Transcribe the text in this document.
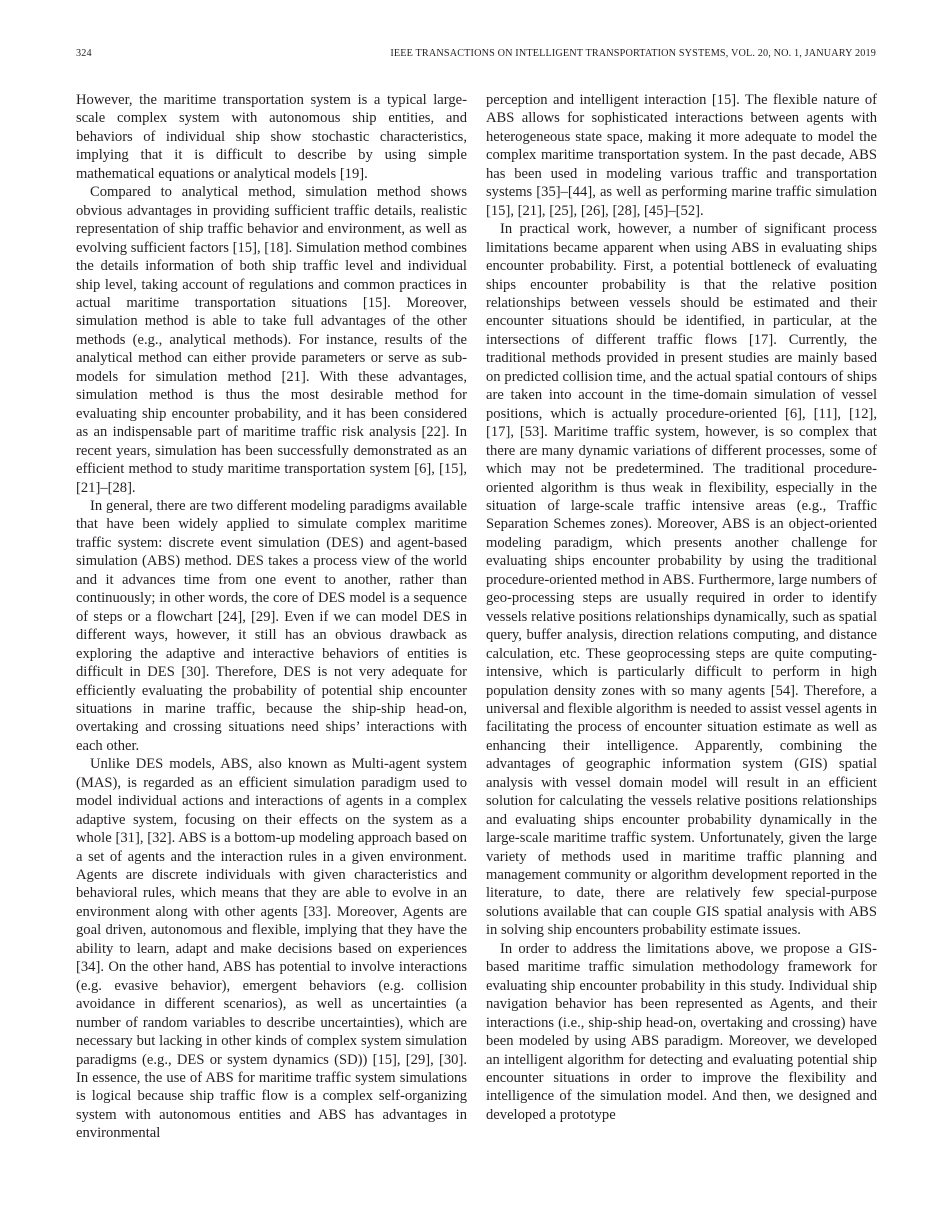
324	IEEE TRANSACTIONS ON INTELLIGENT TRANSPORTATION SYSTEMS, VOL. 20, NO. 1, JANUARY 2019

However, the maritime transportation system is a typical large-scale complex system with autonomous ship entities, and behaviors of individual ship show stochastic characteristics, implying that it is difficult to describe by using simple mathematical equations or analytical models [19].

Compared to analytical method, simulation method shows obvious advantages in providing sufficient traffic details, realistic representation of ship traffic behavior and environment, as well as evolving sufficient factors [15], [18]. Simulation method combines the details information of both ship traffic level and individual ship level, taking account of regulations and common practices in actual maritime transportation situations [15]. Moreover, simulation method is able to take full advantages of the other methods (e.g., analytical methods). For instance, results of the analytical method can either provide parameters or serve as sub-models for simulation method [21]. With these advantages, simulation method is thus the most desirable method for evaluating ship encounter probability, and it has been considered as an indispensable part of maritime traffic risk analysis [22]. In recent years, simulation has been successfully demonstrated as an efficient method to study maritime transportation system [6], [15], [21]–[28].

In general, there are two different modeling paradigms available that have been widely applied to simulate complex maritime traffic system: discrete event simulation (DES) and agent-based simulation (ABS) method. DES takes a process view of the world and it advances time from one event to another, rather than continuously; in other words, the core of DES model is a sequence of steps or a flowchart [24], [29]. Even if we can model DES in different ways, however, it still has an obvious drawback as exploring the adaptive and interactive behaviors of entities is difficult in DES [30]. Therefore, DES is not very adequate for efficiently evaluating the probability of potential ship encounter situations in marine traffic, because the ship-ship head-on, overtaking and crossing situations need ships’ interactions with each other.

Unlike DES models, ABS, also known as Multi-agent system (MAS), is regarded as an efficient simulation paradigm used to model individual actions and interactions of agents in a complex adaptive system, focusing on their effects on the system as a whole [31], [32]. ABS is a bottom-up modeling approach based on a set of agents and the interaction rules in a given environment. Agents are discrete individuals with given characteristics and behavioral rules, which means that they are able to evolve in an environment along with other agents [33]. Moreover, Agents are goal driven, autonomous and flexible, implying that they have the ability to learn, adapt and make decisions based on experiences [34]. On the other hand, ABS has potential to involve interactions (e.g. evasive behavior), emergent behaviors (e.g. collision avoidance in different scenarios), as well as uncertainties (a number of random variables to describe uncertainties), which are necessary but lacking in other kinds of complex system simulation paradigms (e.g., DES or system dynamics (SD)) [15], [29], [30]. In essence, the use of ABS for maritime traffic system simulations is logical because ship traffic flow is a complex self-organizing system with autonomous entities and ABS has advantages in environmental

perception and intelligent interaction [15]. The flexible nature of ABS allows for sophisticated interactions between agents with heterogeneous state space, making it more adequate to model the complex maritime transportation system. In the past decade, ABS has been used in modeling various traffic and transportation systems [35]–[44], as well as performing marine traffic simulation [15], [21], [25], [26], [28], [45]–[52].

In practical work, however, a number of significant process limitations became apparent when using ABS in evaluating ships encounter probability. First, a potential bottleneck of evaluating ships encounter probability is that the relative position relationships between vessels should be estimated and their encounter situations should be identified, in particular, at the intersections of different traffic flows [17]. Currently, the traditional methods provided in present studies are mainly based on predicted collision time, and the actual spatial contours of ships are taken into account in the time-domain simulation of vessel positions, which is actually procedure-oriented [6], [11], [12], [17], [53]. Maritime traffic system, however, is so complex that there are many dynamic variations of different processes, some of which may not be predetermined. The traditional procedure-oriented algorithm is thus weak in flexibility, especially in the situation of large-scale traffic intensive areas (e.g., Traffic Separation Schemes zones). Moreover, ABS is an object-oriented modeling paradigm, which presents another challenge for evaluating ships encounter probability by using the traditional procedure-oriented method in ABS. Furthermore, large numbers of geo-processing steps are usually required in order to identify vessels relative positions relationships dynamically, such as spatial query, buffer analysis, direction relations computing, and distance calculation, etc. These geoprocessing steps are quite computing-intensive, which is particularly difficult to perform in high population density zones with so many agents [54]. Therefore, a universal and flexible algorithm is needed to assist vessel agents in facilitating the process of encounter situation estimate as well as enhancing their intelligence. Apparently, combining the advantages of geographic information system (GIS) spatial analysis with vessel domain model will result in an efficient solution for calculating the vessels relative positions relationships and evaluating ships encounter probability dynamically in the large-scale maritime traffic system. Unfortunately, given the large variety of methods used in maritime traffic planning and management community or algorithm development reported in the literature, to date, there are relatively few special-purpose solutions available that can couple GIS spatial analysis with ABS in solving ship encounters probability estimate issues.

In order to address the limitations above, we propose a GIS-based maritime traffic simulation methodology framework for evaluating ship encounter probability in this study. Individual ship navigation behavior has been represented as Agents, and their interactions (i.e., ship-ship head-on, overtaking and crossing) have been modeled by using ABS paradigm. Moreover, we developed an intelligent algorithm for detecting and evaluating potential ship encounter situations in order to improve the flexibility and intelligence of the simulation model. And then, we designed and developed a prototype
